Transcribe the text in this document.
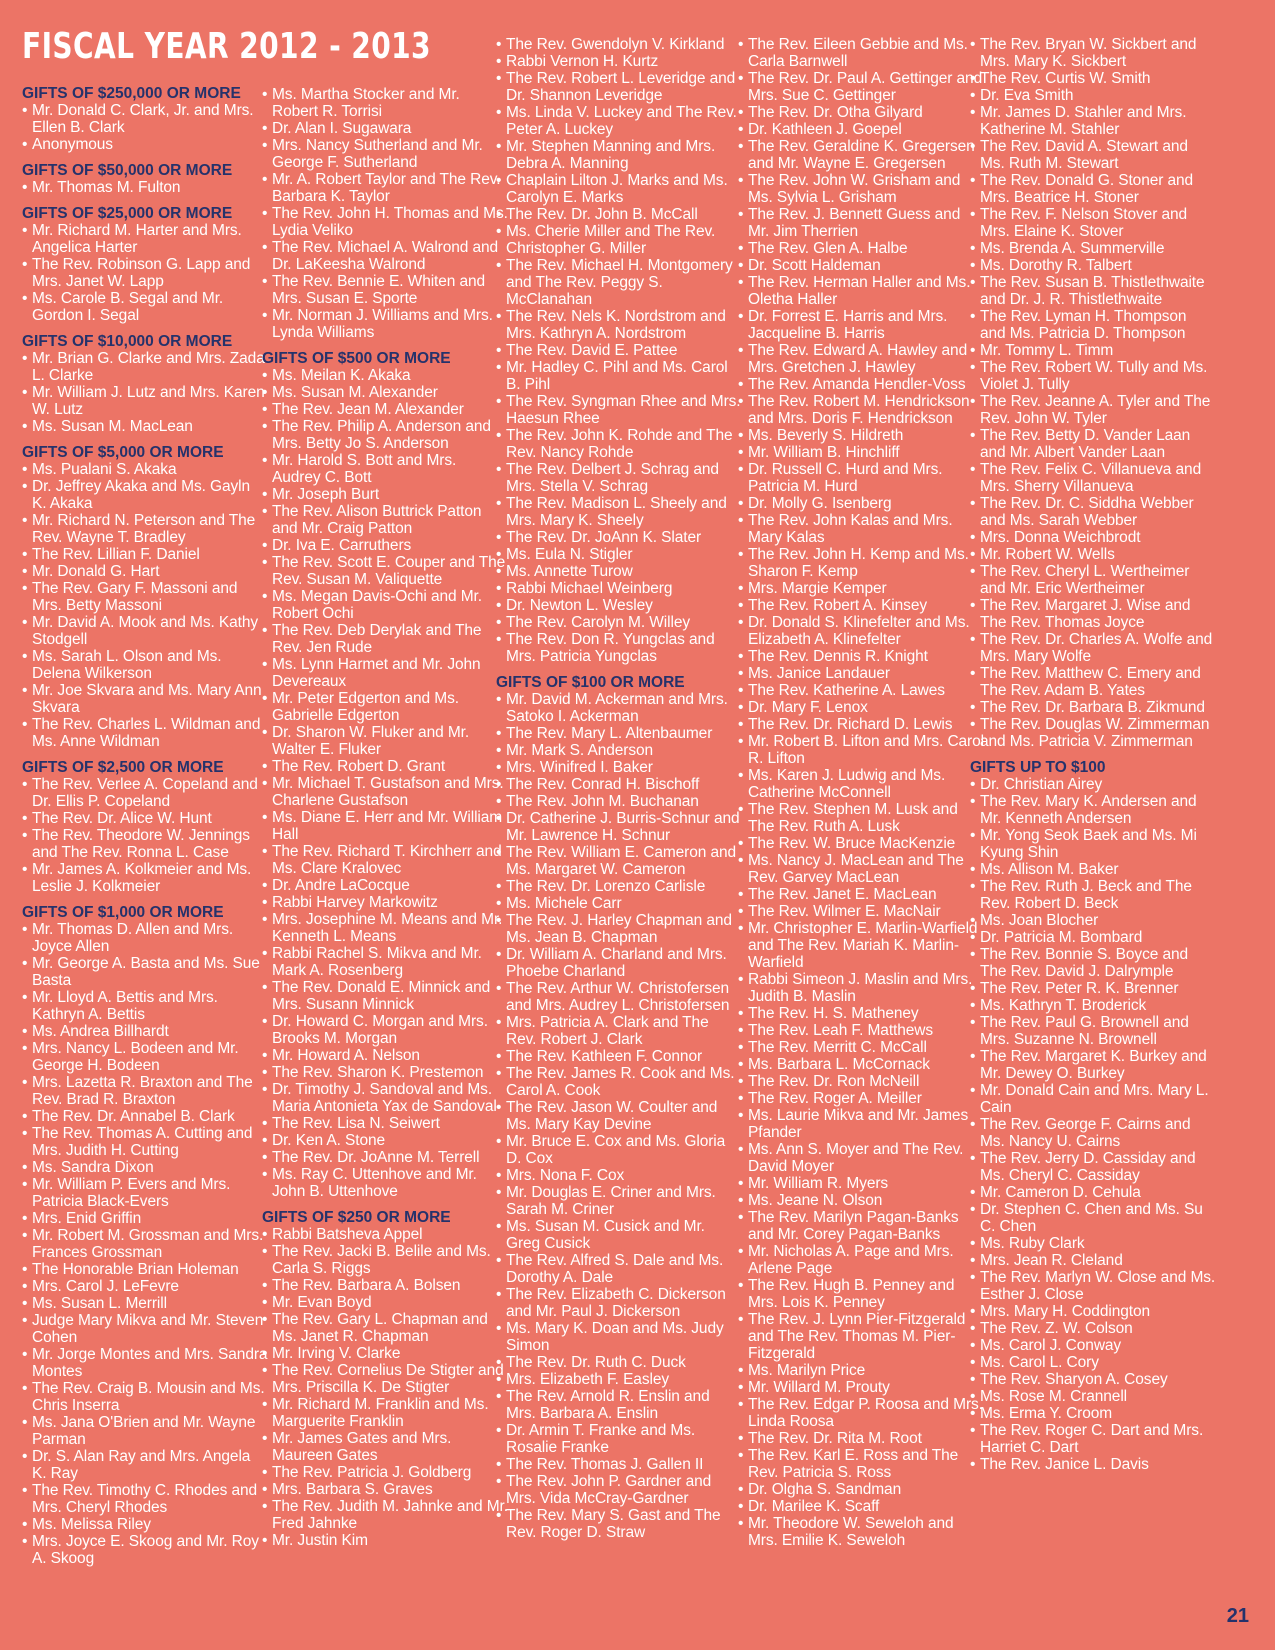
FISCAL YEAR 2012 - 2013
GIFTS OF $250,000 OR MORE
• Mr. Donald C. Clark, Jr. and Mrs. Ellen B. Clark
• Anonymous
GIFTS OF $50,000 OR MORE
• Mr. Thomas M. Fulton
GIFTS OF $25,000 OR MORE
• Mr. Richard M. Harter and Mrs. Angelica Harter
• The Rev. Robinson G. Lapp and Mrs. Janet W. Lapp
• Ms. Carole B. Segal and Mr. Gordon I. Segal
GIFTS OF $10,000 OR MORE
• Mr. Brian G. Clarke and Mrs. Zada L. Clarke
• Mr. William J. Lutz and Mrs. Karen W. Lutz
• Ms. Susan M. MacLean
GIFTS OF $5,000 OR MORE
• Ms. Pualani S. Akaka
• Dr. Jeffrey Akaka and Ms. Gayln K. Akaka
• Mr. Richard N. Peterson and The Rev. Wayne T. Bradley
• The Rev. Lillian F. Daniel
• Mr. Donald G. Hart
• The Rev. Gary F. Massoni and Mrs. Betty Massoni
• Mr. David A. Mook and Ms. Kathy Stodgell
• Ms. Sarah L. Olson and Ms. Delena Wilkerson
• Mr. Joe Skvara and Ms. Mary Ann Skvara
• The Rev. Charles L. Wildman and Ms. Anne Wildman
GIFTS OF $2,500 OR MORE
• The Rev. Verlee A. Copeland and Dr. Ellis P. Copeland
• The Rev. Dr. Alice W. Hunt
• The Rev. Theodore W. Jennings and The Rev. Ronna L. Case
• Mr. James A. Kolkmeier and Ms. Leslie J. Kolkmeier
GIFTS OF $1,000 OR MORE
• Mr. Thomas D. Allen and Mrs. Joyce Allen
• Mr. George A. Basta and Ms. Sue Basta
• Mr. Lloyd A. Bettis and Mrs. Kathryn A. Bettis
• Ms. Andrea Billhardt
• Mrs. Nancy L. Bodeen and Mr. George H. Bodeen
• Mrs. Lazetta R. Braxton and The Rev. Brad R. Braxton
• The Rev. Dr. Annabel B. Clark
• The Rev. Thomas A. Cutting and Mrs. Judith H. Cutting
• Ms. Sandra Dixon
• Mr. William P. Evers and Mrs. Patricia Black-Evers
• Mrs. Enid Griffin
• Mr. Robert M. Grossman and Mrs. Frances Grossman
• The Honorable Brian Holeman
• Mrs. Carol J. LeFevre
• Ms. Susan L. Merrill
• Judge Mary Mikva and Mr. Steven Cohen
• Mr. Jorge Montes and Mrs. Sandra Montes
• The Rev. Craig B. Mousin and Ms. Chris Inserra
• Ms. Jana O'Brien and Mr. Wayne Parman
• Dr. S. Alan Ray and Mrs. Angela K. Ray
• The Rev. Timothy C. Rhodes and Mrs. Cheryl Rhodes
• Ms. Melissa Riley
• Mrs. Joyce E. Skoog and Mr. Roy A. Skoog
• Ms. Martha Stocker and Mr. Robert R. Torrisi
• Dr. Alan I. Sugawara
• Mrs. Nancy Sutherland and Mr. George F. Sutherland
• Mr. A. Robert Taylor and The Rev. Barbara K. Taylor
• The Rev. John H. Thomas and Ms. Lydia Veliko
• The Rev. Michael A. Walrond and Dr. LaKeesha Walrond
• The Rev. Bennie E. Whiten and Mrs. Susan E. Sporte
• Mr. Norman J. Williams and Mrs. Lynda Williams
GIFTS OF $500 OR MORE
• Ms. Meilan K. Akaka
• Ms. Susan M. Alexander
• The Rev. Jean M. Alexander
• The Rev. Philip A. Anderson and Mrs. Betty Jo S. Anderson
• Mr. Harold S. Bott and Mrs. Audrey C. Bott
• Mr. Joseph Burt
• The Rev. Alison Buttrick Patton and Mr. Craig Patton
• Dr. Iva E. Carruthers
• The Rev. Scott E. Couper and The Rev. Susan M. Valiquette
• Ms. Megan Davis-Ochi and Mr. Robert Ochi
• The Rev. Deb Derylak and The Rev. Jen Rude
• Ms. Lynn Harmet and Mr. John Devereaux
• Mr. Peter Edgerton and Ms. Gabrielle Edgerton
• Dr. Sharon W. Fluker and Mr. Walter E. Fluker
• The Rev. Robert D. Grant
• Mr. Michael T. Gustafson and Mrs. Charlene Gustafson
• Ms. Diane E. Herr and Mr. William Hall
• The Rev. Richard T. Kirchherr and Ms. Clare Kralovec
• Dr. Andre LaCocque
• Rabbi Harvey Markowitz
• Mrs. Josephine M. Means and Mr. Kenneth L. Means
• Rabbi Rachel S. Mikva and Mr. Mark A. Rosenberg
• The Rev. Donald E. Minnick and Mrs. Susann Minnick
• Dr. Howard C. Morgan and Mrs. Brooks M. Morgan
• Mr. Howard A. Nelson
• The Rev. Sharon K. Prestemon
• Dr. Timothy J. Sandoval and Ms. Maria Antonieta Yax de Sandoval
• The Rev. Lisa N. Seiwert
• Dr. Ken A. Stone
• The Rev. Dr. JoAnne M. Terrell
• Ms. Ray C. Uttenhove and Mr. John B. Uttenhove
GIFTS OF $250 OR MORE
• Rabbi Batsheva Appel
• The Rev. Jacki B. Belile and Ms. Carla S. Riggs
• The Rev. Barbara A. Bolsen
• Mr. Evan Boyd
• The Rev. Gary L. Chapman and Ms. Janet R. Chapman
• Mr. Irving V. Clarke
• The Rev. Cornelius De Stigter and Mrs. Priscilla K. De Stigter
• Mr. Richard M. Franklin and Ms. Marguerite Franklin
• Mr. James Gates and Mrs. Maureen Gates
• The Rev. Patricia J. Goldberg
• Mrs. Barbara S. Graves
• The Rev. Judith M. Jahnke and Mr. Fred Jahnke
• Mr. Justin Kim
• The Rev. Gwendolyn V. Kirkland
• Rabbi Vernon H. Kurtz
• The Rev. Robert L. Leveridge and Dr. Shannon Leveridge
• Ms. Linda V. Luckey and The Rev. Peter A. Luckey
• Mr. Stephen Manning and Mrs. Debra A. Manning
• Chaplain Lilton J. Marks and Ms. Carolyn E. Marks
• The Rev. Dr. John B. McCall
• Ms. Cherie Miller and The Rev. Christopher G. Miller
• The Rev. Michael H. Montgomery and The Rev. Peggy S. McClanahan
• The Rev. Nels K. Nordstrom and Mrs. Kathryn A. Nordstrom
• The Rev. David E. Pattee
• Mr. Hadley C. Pihl and Ms. Carol B. Pihl
• The Rev. Syngman Rhee and Mrs. Haesun Rhee
• The Rev. John K. Rohde and The Rev. Nancy Rohde
• The Rev. Delbert J. Schrag and Mrs. Stella V. Schrag
• The Rev. Madison L. Sheely and Mrs. Mary K. Sheely
• The Rev. Dr. JoAnn K. Slater
• Ms. Eula N. Stigler
• Ms. Annette Turow
• Rabbi Michael Weinberg
• Dr. Newton L. Wesley
• The Rev. Carolyn M. Willey
• The Rev. Don R. Yungclas and Mrs. Patricia Yungclas
GIFTS OF $100 OR MORE
• Mr. David M. Ackerman and Mrs. Satoko I. Ackerman
• The Rev. Mary L. Altenbaumer
• Mr. Mark S. Anderson
• Mrs. Winifred I. Baker
• The Rev. Conrad H. Bischoff
• The Rev. John M. Buchanan
• Dr. Catherine J. Burris-Schnur and Mr. Lawrence H. Schnur
• The Rev. William E. Cameron and Ms. Margaret W. Cameron
• The Rev. Dr. Lorenzo Carlisle
• Ms. Michele Carr
• The Rev. J. Harley Chapman and Ms. Jean B. Chapman
• Dr. William A. Charland and Mrs. Phoebe Charland
• The Rev. Arthur W. Christofersen and Mrs. Audrey L. Christofersen
• Mrs. Patricia A. Clark and The Rev. Robert J. Clark
• The Rev. Kathleen F. Connor
• The Rev. James R. Cook and Ms. Carol A. Cook
• The Rev. Jason W. Coulter and Ms. Mary Kay Devine
• Mr. Bruce E. Cox and Ms. Gloria D. Cox
• Mrs. Nona F. Cox
• Mr. Douglas E. Criner and Mrs. Sarah M. Criner
• Ms. Susan M. Cusick and Mr. Greg Cusick
• The Rev. Alfred S. Dale and Ms. Dorothy A. Dale
• The Rev. Elizabeth C. Dickerson and Mr. Paul J. Dickerson
• Ms. Mary K. Doan and Ms. Judy Simon
• The Rev. Dr. Ruth C. Duck
• Mrs. Elizabeth F. Easley
• The Rev. Arnold R. Enslin and Mrs. Barbara A. Enslin
• Dr. Armin T. Franke and Ms. Rosalie Franke
• The Rev. Thomas J. Gallen II
• The Rev. John P. Gardner and Mrs. Vida McCray-Gardner
• The Rev. Mary S. Gast and The Rev. Roger D. Straw
• The Rev. Eileen Gebbie and Ms. Carla Barnwell
• The Rev. Dr. Paul A. Gettinger and Mrs. Sue C. Gettinger
• The Rev. Dr. Otha Gilyard
• Dr. Kathleen J. Goepel
• The Rev. Geraldine K. Gregersen and Mr. Wayne E. Gregersen
• The Rev. John W. Grisham and Ms. Sylvia L. Grisham
• The Rev. J. Bennett Guess and Mr. Jim Therrien
• The Rev. Glen A. Halbe
• Dr. Scott Haldeman
• The Rev. Herman Haller and Ms. Oletha Haller
• Dr. Forrest E. Harris and Mrs. Jacqueline B. Harris
• The Rev. Edward A. Hawley and Mrs. Gretchen J. Hawley
• The Rev. Amanda Hendler-Voss
• The Rev. Robert M. Hendrickson and Mrs. Doris F. Hendrickson
• Ms. Beverly S. Hildreth
• Mr. William B. Hinchliff
• Dr. Russell C. Hurd and Mrs. Patricia M. Hurd
• Dr. Molly G. Isenberg
• The Rev. John Kalas and Mrs. Mary Kalas
• The Rev. John H. Kemp and Ms. Sharon F. Kemp
• Mrs. Margie Kemper
• The Rev. Robert A. Kinsey
• Dr. Donald S. Klinefelter and Ms. Elizabeth A. Klinefelter
• The Rev. Dennis R. Knight
• Ms. Janice Landauer
• The Rev. Katherine A. Lawes
• Dr. Mary F. Lenox
• The Rev. Dr. Richard D. Lewis
• Mr. Robert B. Lifton and Mrs. Carol R. Lifton
• Ms. Karen J. Ludwig and Ms. Catherine McConnell
• The Rev. Stephen M. Lusk and The Rev. Ruth A. Lusk
• The Rev. W. Bruce MacKenzie
• Ms. Nancy J. MacLean and The Rev. Garvey MacLean
• The Rev. Janet E. MacLean
• The Rev. Wilmer E. MacNair
• Mr. Christopher E. Marlin-Warfield and The Rev. Mariah K. Marlin-Warfield
• Rabbi Simeon J. Maslin and Mrs. Judith B. Maslin
• The Rev. H. S. Matheney
• The Rev. Leah F. Matthews
• The Rev. Merritt C. McCall
• Ms. Barbara L. McCornack
• The Rev. Dr. Ron McNeill
• The Rev. Roger A. Meiller
• Ms. Laurie Mikva and Mr. James Pfander
• Ms. Ann S. Moyer and The Rev. David Moyer
• Mr. William R. Myers
• Ms. Jeane N. Olson
• The Rev. Marilyn Pagan-Banks and Mr. Corey Pagan-Banks
• Mr. Nicholas A. Page and Mrs. Arlene Page
• The Rev. Hugh B. Penney and Mrs. Lois K. Penney
• The Rev. J. Lynn Pier-Fitzgerald and The Rev. Thomas M. Pier-Fitzgerald
• Ms. Marilyn Price
• Mr. Willard M. Prouty
• The Rev. Edgar P. Roosa and Mrs. Linda Roosa
• The Rev. Dr. Rita M. Root
• The Rev. Karl E. Ross and The Rev. Patricia S. Ross
• Dr. Olgha S. Sandman
• Dr. Marilee K. Scaff
• Mr. Theodore W. Seweloh and Mrs. Emilie K. Seweloh
• The Rev. Bryan W. Sickbert and Mrs. Mary K. Sickbert
• The Rev. Curtis W. Smith
• Dr. Eva Smith
• Mr. James D. Stahler and Mrs. Katherine M. Stahler
• The Rev. David A. Stewart and Ms. Ruth M. Stewart
• The Rev. Donald G. Stoner and Mrs. Beatrice H. Stoner
• The Rev. F. Nelson Stover and Mrs. Elaine K. Stover
• Ms. Brenda A. Summerville
• Ms. Dorothy R. Talbert
• The Rev. Susan B. Thistlethwaite and Dr. J. R. Thistlethwaite
• The Rev. Lyman H. Thompson and Ms. Patricia D. Thompson
• Mr. Tommy L. Timm
• The Rev. Robert W. Tully and Ms. Violet J. Tully
• The Rev. Jeanne A. Tyler and The Rev. John W. Tyler
• The Rev. Betty D. Vander Laan and Mr. Albert Vander Laan
• The Rev. Felix C. Villanueva and Mrs. Sherry Villanueva
• The Rev. Dr. C. Siddha Webber and Ms. Sarah Webber
• Mrs. Donna Weichbrodt
• Mr. Robert W. Wells
• The Rev. Cheryl L. Wertheimer and Mr. Eric Wertheimer
• The Rev. Margaret J. Wise and The Rev. Thomas Joyce
• The Rev. Dr. Charles A. Wolfe and Mrs. Mary Wolfe
• The Rev. Matthew C. Emery and The Rev. Adam B. Yates
• The Rev. Dr. Barbara B. Zikmund
• The Rev. Douglas W. Zimmerman and Ms. Patricia V. Zimmerman
GIFTS UP TO $100
• Dr. Christian Airey
• The Rev. Mary K. Andersen and Mr. Kenneth Andersen
• Mr. Yong Seok Baek and Ms. Mi Kyung Shin
• Ms. Allison M. Baker
• The Rev. Ruth J. Beck and The Rev. Robert D. Beck
• Ms. Joan Blocher
• Dr. Patricia M. Bombard
• The Rev. Bonnie S. Boyce and The Rev. David J. Dalrymple
• The Rev. Peter R. K. Brenner
• Ms. Kathryn T. Broderick
• The Rev. Paul G. Brownell and Mrs. Suzanne N. Brownell
• The Rev. Margaret K. Burkey and Mr. Dewey O. Burkey
• Mr. Donald Cain and Mrs. Mary L. Cain
• The Rev. George F. Cairns and Ms. Nancy U. Cairns
• The Rev. Jerry D. Cassiday and Ms. Cheryl C. Cassiday
• Mr. Cameron D. Cehula
• Dr. Stephen C. Chen and Ms. Su C. Chen
• Ms. Ruby Clark
• Mrs. Jean R. Cleland
• The Rev. Marlyn W. Close and Ms. Esther J. Close
• Mrs. Mary H. Coddington
• The Rev. Z. W. Colson
• Ms. Carol J. Conway
• Ms. Carol L. Cory
• The Rev. Sharyon A. Cosey
• Ms. Rose M. Crannell
• Ms. Erma Y. Croom
• The Rev. Roger C. Dart and Mrs. Harriet C. Dart
• The Rev. Janice L. Davis
21
